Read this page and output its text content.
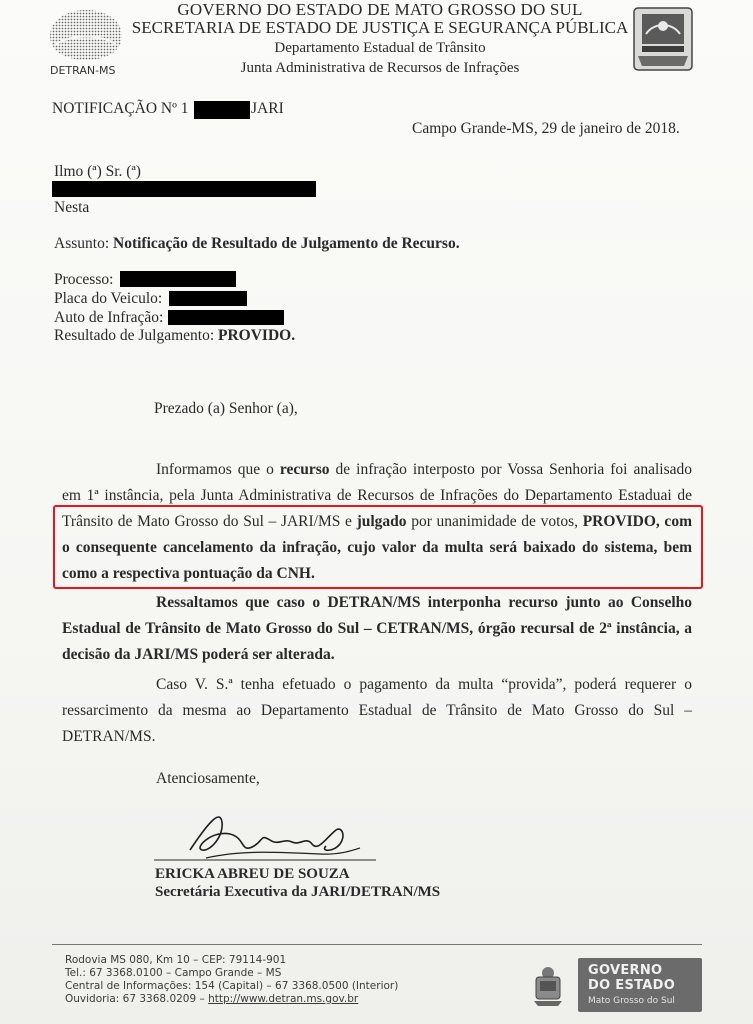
DETRAN-MS
GOVERNO DO ESTADO DE MATO GROSSO DO SUL
SECRETARIA DE ESTADO DE JUSTIÇA E SEGURANÇA PÚBLICA
Departamento Estadual de Trânsito
Junta Administrativa de Recursos de Infrações
NOTIFICAÇÃO Nº 1	JARI
Campo Grande-MS, 29 de janeiro de 2018.
Ilmo (ª) Sr. (ª)
Nesta
Assunto: Notificação de Resultado de Julgamento de Recurso.
Processo:
Placa do Veiculo:
Auto de Infração:
Resultado de Julgamento: PROVIDO.
Prezado (a) Senhor (a),
Informamos que o recurso de infração interposto por Vossa Senhoria foi analisado
em 1ª instância, pela Junta Administrativa de Recursos de Infrações do Departamento Estaduai de
Trânsito de Mato Grosso do Sul – JARI/MS e julgado por unanimidade de votos, PROVIDO, com
o consequente cancelamento da infração, cujo valor da multa será baixado do sistema, bem
como a respectiva pontuação da CNH.
Ressaltamos que caso o DETRAN/MS interponha recurso junto ao Conselho
Estadual de Trânsito de Mato Grosso do Sul – CETRAN/MS, órgão recursal de 2ª instância, a
decisão da JARI/MS poderá ser alterada.
Caso V. S.ª tenha efetuado o pagamento da multa “provida”, poderá requerer o
ressarcimento da mesma ao Departamento Estadual de Trânsito de Mato Grosso do Sul –
DETRAN/MS.
Atenciosamente,
ERICKA ABREU DE SOUZA
Secretária Executiva da JARI/DETRAN/MS
Rodovia MS 080, Km 10 – CEP: 79114-901
Tel.: 67 3368.0100 – Campo Grande – MS
Central de Informações: 154 (Capital) – 67 3368.0500 (Interior)
Ouvidoria: 67 3368.0209 – http://www.detran.ms.gov.br
GOVERNO
DO ESTADO
Mato Grosso do Sul
